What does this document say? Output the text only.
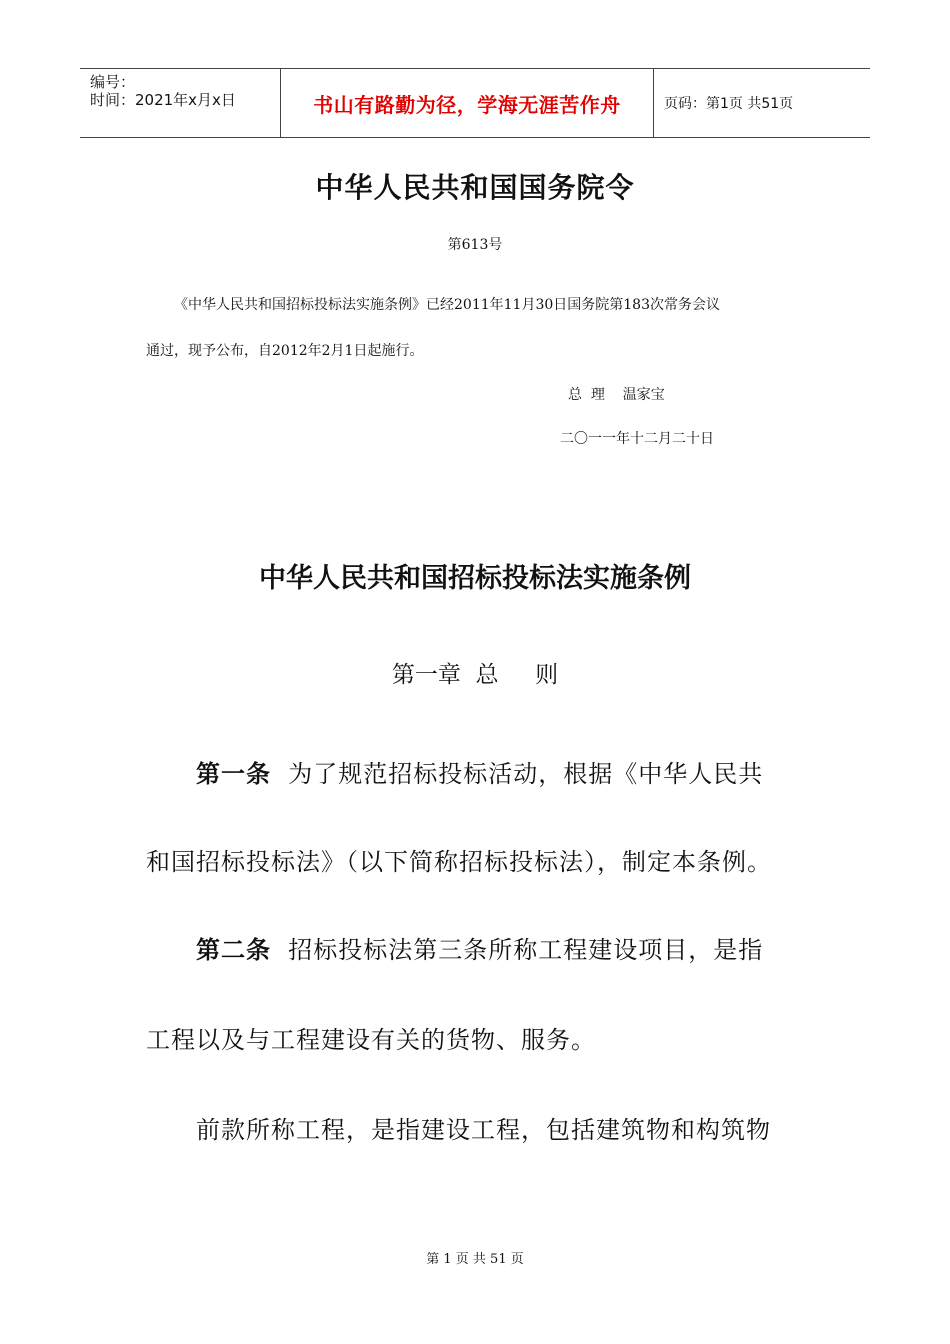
编号：
时间：2021年x月x日	书山有路勤为径，学海无涯苦作舟	页码：第1页 共51页
中华人民共和国国务院令
第613号
《中华人民共和国招标投标法实施条例》已经2011年11月30日国务院第183次常务会议
通过，现予公布，自2012年2月1日起施行。
总  理    温家宝
二〇一一年十二月二十日
中华人民共和国招标投标法实施条例
第一章  总     则
第一条  为了规范招标投标活动，根据《中华人民共
和国招标投标法》（以下简称招标投标法），制定本条例。
第二条  招标投标法第三条所称工程建设项目，是指
工程以及与工程建设有关的货物、服务。
前款所称工程，是指建设工程，包括建筑物和构筑物
第 1 页 共 51 页
